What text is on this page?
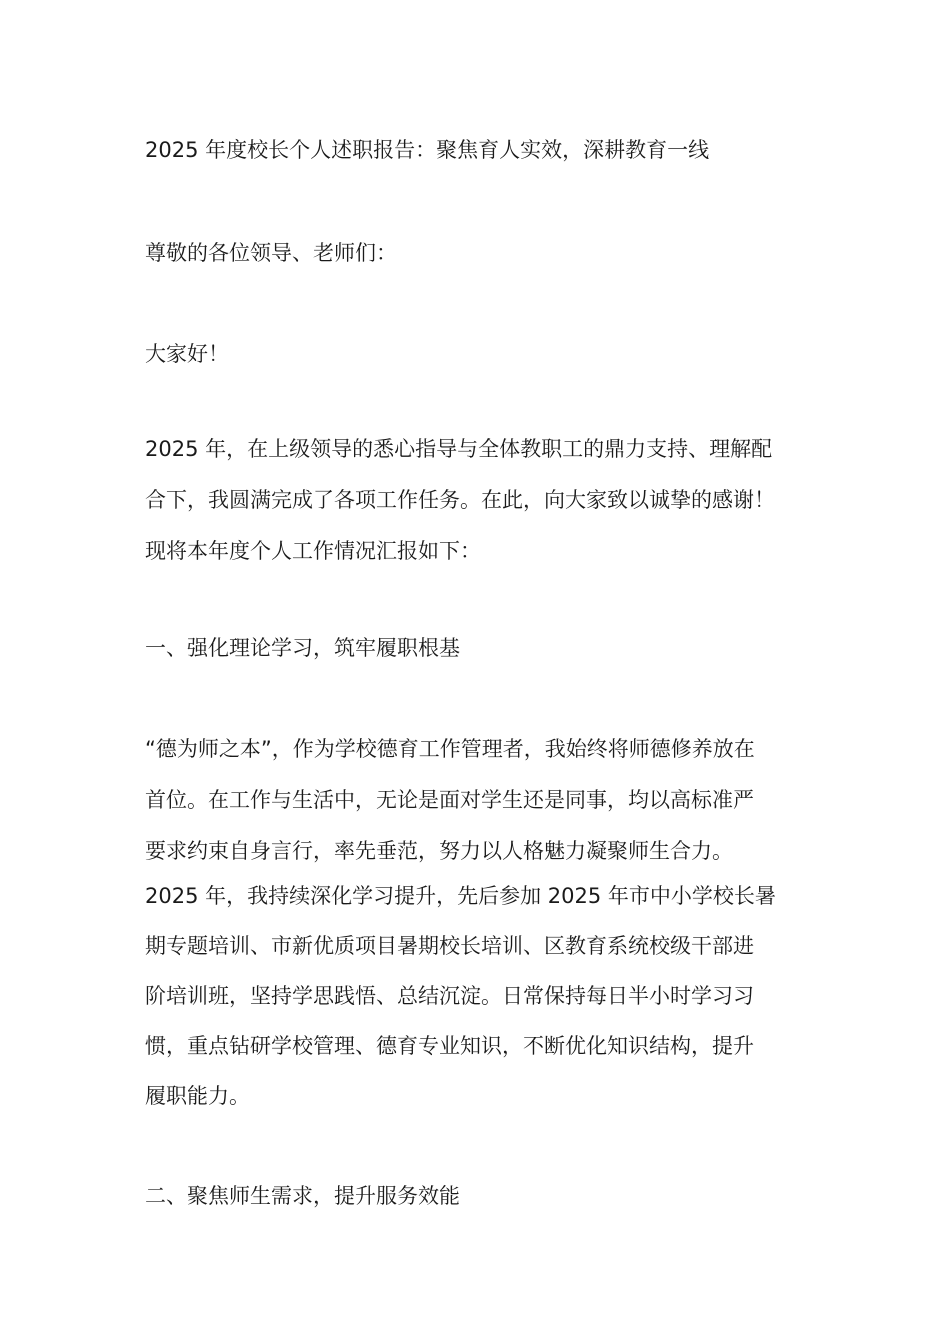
2025 年度校长个人述职报告：聚焦育人实效，深耕教育一线
尊敬的各位领导、老师们：
大家好！
2025 年，在上级领导的悉心指导与全体教职工的鼎力支持、理解配
合下，我圆满完成了各项工作任务。在此，向大家致以诚挚的感谢！
现将本年度个人工作情况汇报如下：
一、强化理论学习，筑牢履职根基
“德为师之本”，作为学校德育工作管理者，我始终将师德修养放在
首位。在工作与生活中，无论是面对学生还是同事，均以高标准严
要求约束自身言行，率先垂范，努力以人格魅力凝聚师生合力。
2025 年，我持续深化学习提升，先后参加 2025 年市中小学校长暑
期专题培训、市新优质项目暑期校长培训、区教育系统校级干部进
阶培训班，坚持学思践悟、总结沉淀。日常保持每日半小时学习习
惯，重点钻研学校管理、德育专业知识，不断优化知识结构，提升
履职能力。
二、聚焦师生需求，提升服务效能
